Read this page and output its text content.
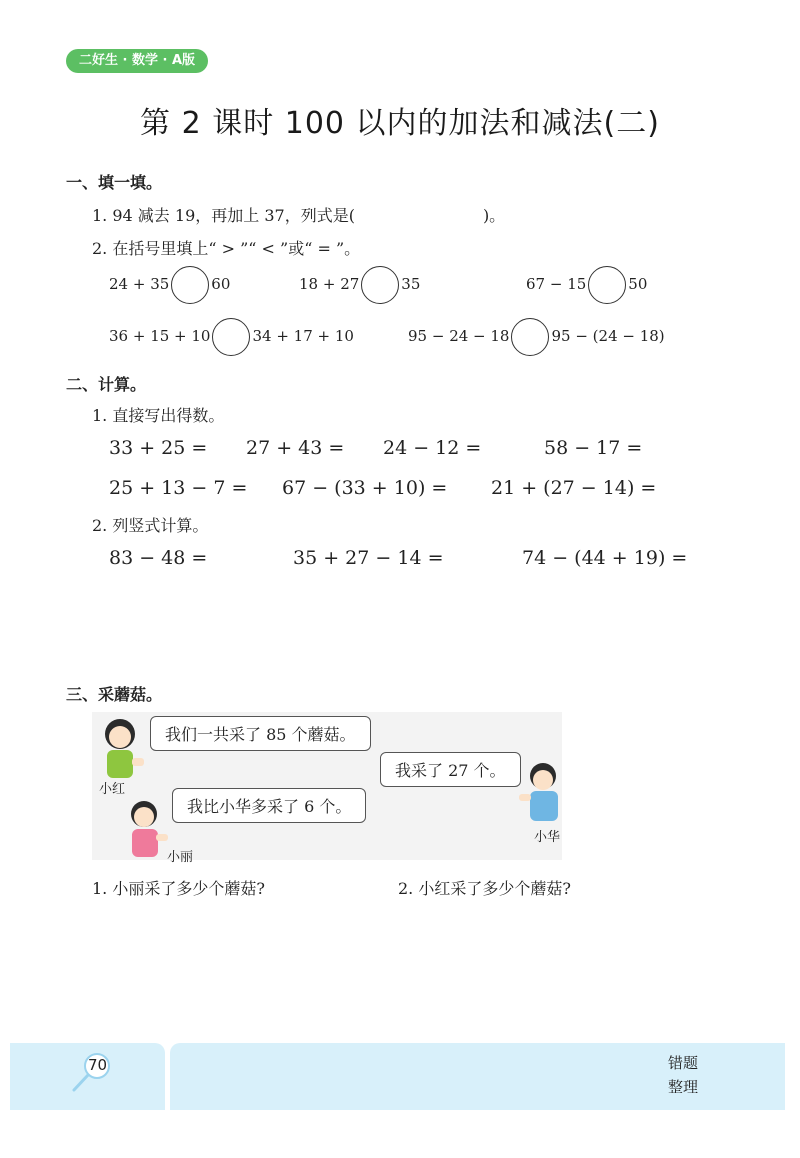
二好生 · 数学 · A版
第 2 课时 100 以内的加法和减法(二)
一、填一填。
1. 94 减去 19，再加上 37，列式是(	)。
2. 在括号里填上“ > ”“ < ”或“ = ”。
24 + 35	60	18 + 27	35	67 − 15	50
36 + 15 + 10	34 + 17 + 10	95 − 24 − 18	95 − (24 − 18)
二、计算。
1. 直接写出得数。
33 + 25 = 27 + 43 = 24 − 12 =	58 − 17 =
25 + 13 − 7 = 67 − (33 + 10) = 21 + (27 − 14) =
2. 列竖式计算。
83 − 48 =	35 + 27 − 14 =	74 − (44 + 19) =
三、采蘑菇。
我们一共采了 85 个蘑菇。
我采了 27 个。
我比小华多采了 6 个。
小红
小华
小丽
1. 小丽采了多少个蘑菇?	2. 小红采了多少个蘑菇?
70	错题
整理
